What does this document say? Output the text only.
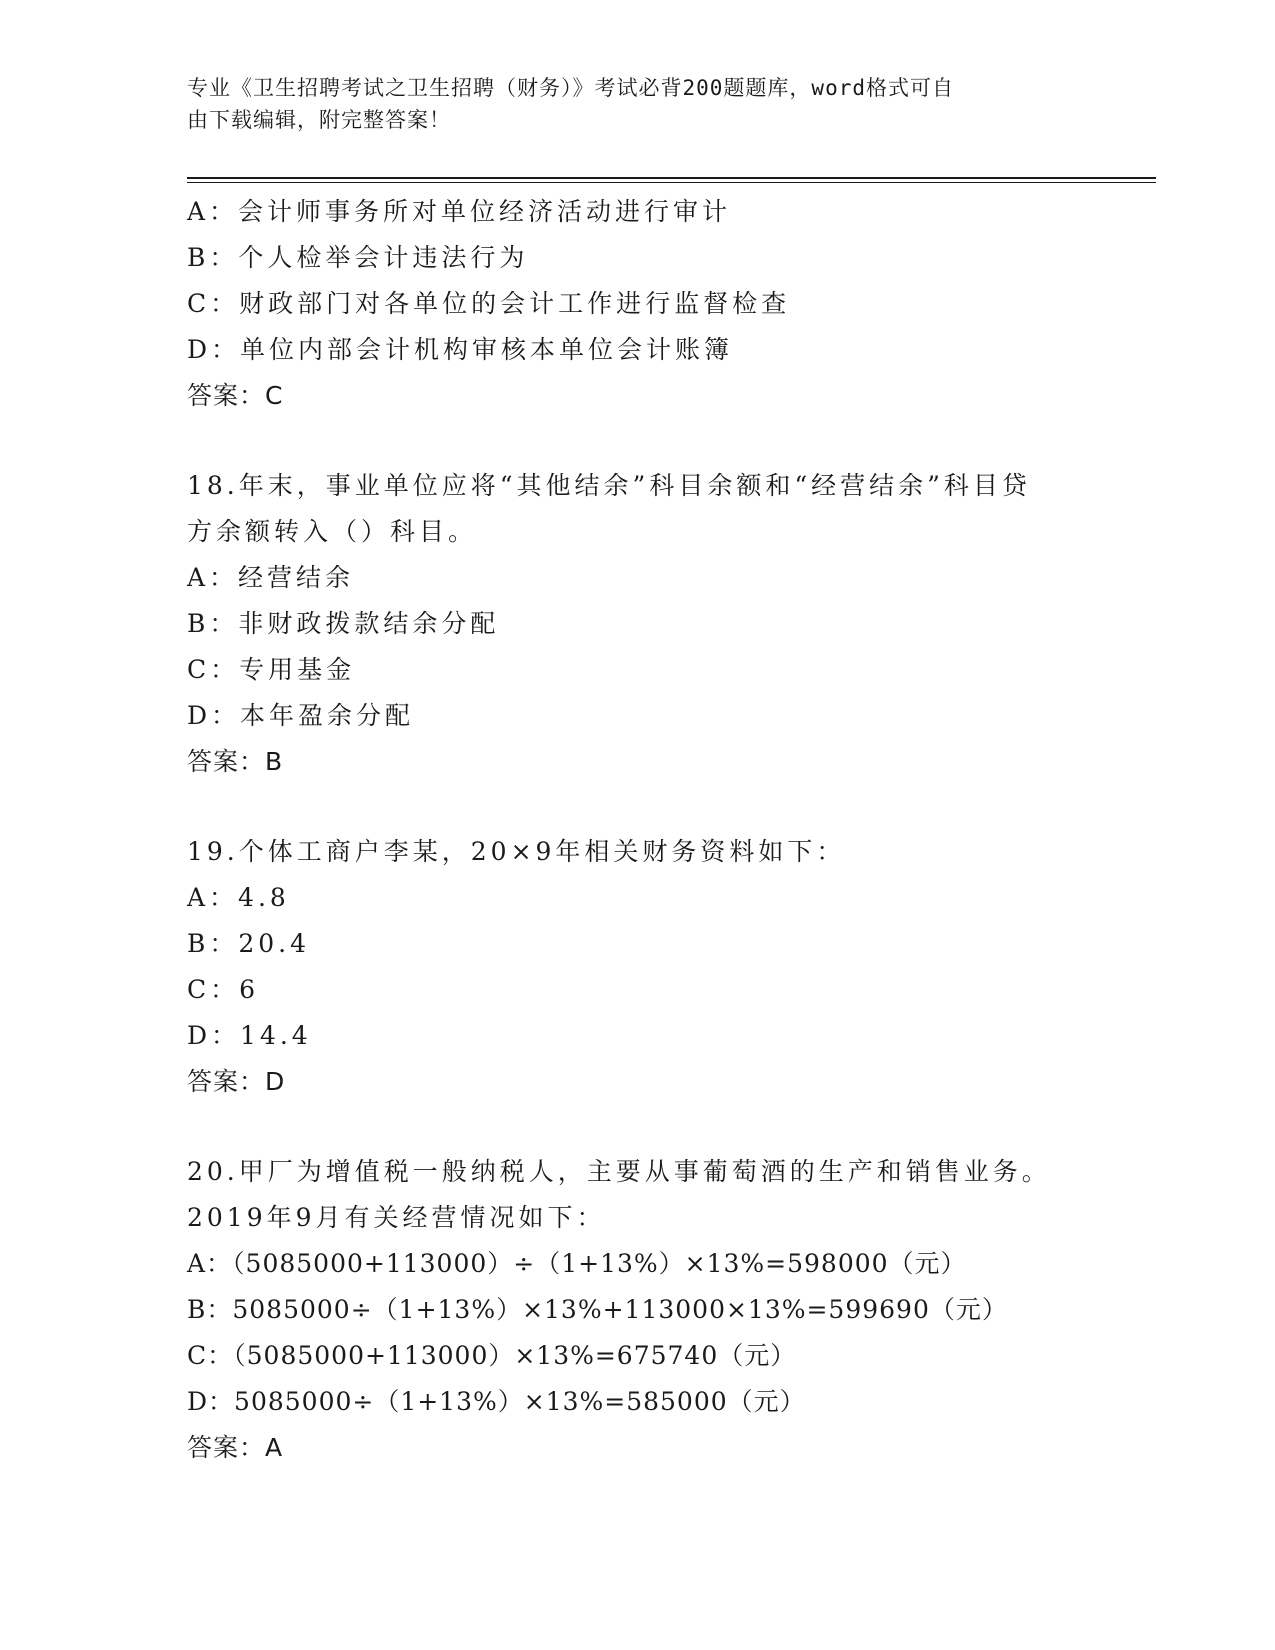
专业《卫生招聘考试之卫生招聘（财务）》考试必背200题题库，word格式可自
由下载编辑，附完整答案！
A：会计师事务所对单位经济活动进行审计
B：个人检举会计违法行为
C：财政部门对各单位的会计工作进行监督检查
D：单位内部会计机构审核本单位会计账簿
答案：C
18.年末，事业单位应将“其他结余”科目余额和“经营结余”科目贷
方余额转入（）科目。
A：经营结余
B：非财政拨款结余分配
C：专用基金
D：本年盈余分配
答案：B
19.个体工商户李某，20×9年相关财务资料如下：
A：4.8
B：20.4
C：6
D：14.4
答案：D
20.甲厂为增值税一般纳税人，主要从事葡萄酒的生产和销售业务。
2019年9月有关经营情况如下：
A：（5085000+113000）÷（1+13%）×13%=598000（元）
B：5085000÷（1+13%）×13%+113000×13%=599690（元）
C：（5085000+113000）×13%=675740（元）
D：5085000÷（1+13%）×13%=585000（元）
答案：A
